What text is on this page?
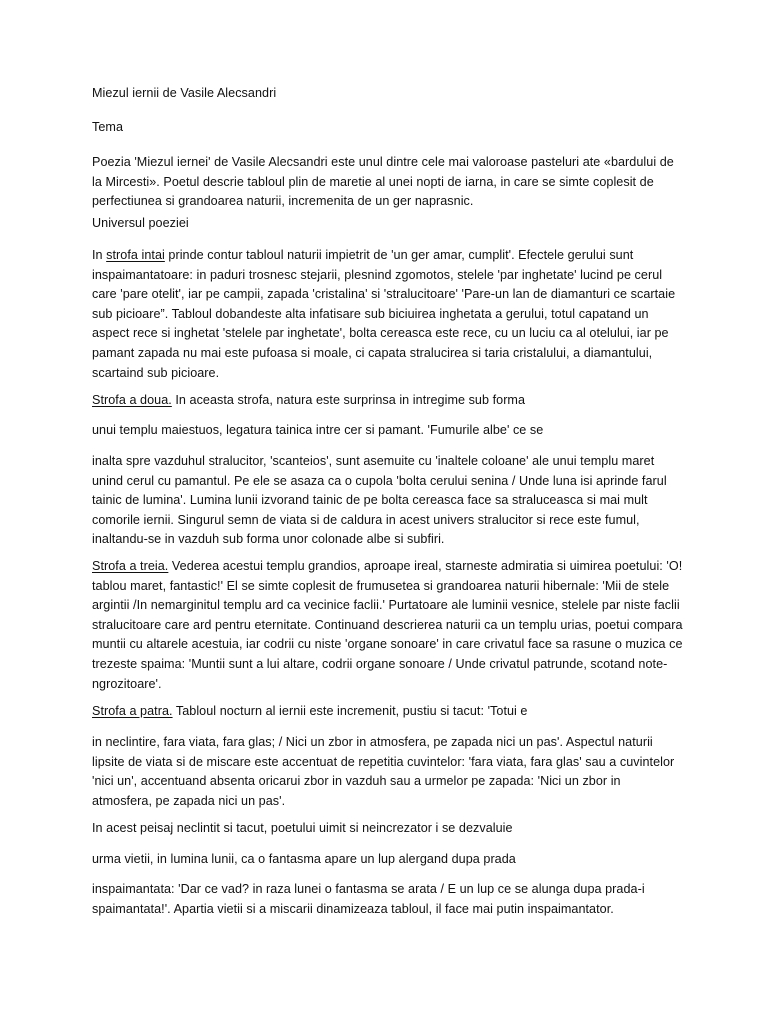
Miezul iernii de Vasile Alecsandri

Tema

Poezia 'Miezul iernei' de Vasile Alecsandri este unul dintre cele mai valoroase pasteluri ate «bardului de la Mircesti». Poetul descrie tabloul plin de maretie al unei nopti de iarna, in care se simte coplesit de perfectiunea si grandoarea naturii, incremenita de un ger naprasnic.

Universul poeziei

In strofa intai prinde contur tabloul naturii impietrit de 'un ger amar, cumplit'. Efectele gerului sunt inspaimantatoare: in paduri trosnesc stejarii, plesnind zgomotos, stelele 'par inghetate' lucind pe cerul care 'pare otelit', iar pe campii, zapada 'cristalina' si 'stralucitoare' 'Pare-un lan de diamanturi ce scartaie sub picioare”. Tabloul dobandeste alta infatisare sub biciuirea inghetata a gerului, totul capatand un aspect rece si inghetat 'stelele par inghetate', bolta cereasca este rece, cu un luciu ca al otelului, iar pe pamant zapada nu mai este pufoasa si moale, ci capata stralucirea si taria cristalului, a diamantului, scartaind sub picioare.

Strofa a doua. In aceasta strofa, natura este surprinsa in intregime sub forma

unui templu maiestuos, legatura tainica intre cer si pamant. 'Fumurile albe' ce se

inalta spre vazduhul stralucitor, 'scanteios', sunt asemuite cu 'inaltele coloane' ale unui templu maret unind cerul cu pamantul. Pe ele se asaza ca o cupola 'bolta cerului senina / Unde luna isi aprinde farul tainic de lumina'. Lumina lunii izvorand tainic de pe bolta cereasca face sa straluceasca si mai mult comorile iernii. Singurul semn de viata si de caldura in acest univers stralucitor si rece este fumul, inaltandu-se in vazduh sub forma unor colonade albe si subfiri.

Strofa a treia. Vederea acestui templu grandios, aproape ireal, starneste admiratia si uimirea poetului: 'O! tablou maret, fantastic!' El se simte coplesit de frumusetea si grandoarea naturii hibernale: 'Mii de stele argintii /In nemarginitul templu ard ca vecinice faclii.' Purtatoare ale luminii vesnice, stelele par niste faclii stralucitoare care ard pentru eternitate. Continuand descrierea naturii ca un templu urias, poetui compara muntii cu altarele acestuia, iar codrii cu niste 'organe sonoare' in care crivatul face sa rasune o muzica ce trezeste spaima: 'Muntii sunt a lui altare, codrii organe sonoare / Unde crivatul patrunde, scotand note-ngrozitoare'.

Strofa a patra. Tabloul nocturn al iernii este incremenit, pustiu si tacut: 'Totui e

in neclintire, fara viata, fara glas; / Nici un zbor in atmosfera, pe zapada nici un pas'. Aspectul naturii lipsite de viata si de miscare este accentuat de repetitia cuvintelor: 'fara viata, fara glas' sau a cuvintelor 'nici un', accentuand absenta oricarui zbor in vazduh sau a urmelor pe zapada: 'Nici un zbor in atmosfera, pe zapada nici un pas'.

In acest peisaj neclintit si tacut, poetului uimit si neincrezator i se dezvaluie

urma vietii, in lumina lunii, ca o fantasma apare un lup alergand dupa prada

inspaimantata: 'Dar ce vad? in raza lunei o fantasma se arata / E un lup ce se alunga dupa prada-i spaimantata!'. Apartia vietii si a miscarii dinamizeaza tabloul, il face mai putin inspaimantator.
